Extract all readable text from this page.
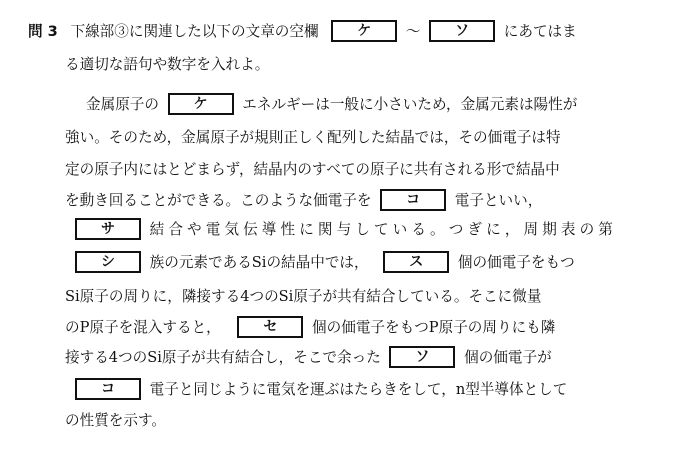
問 3 下線部③に関連した以下の文章の空欄	ケ ～ ソ にあてはま
る適切な語句や数字を入れよ。
金属原子の ケ エネルギーは一般に小さいため，金属元素は陽性が
強い。そのため，金属原子が規則正しく配列した結晶では，その価電子は特
定の原子内にはとどまらず，結晶内のすべての原子に共有される形で結晶中
を動き回ることができる。このような価電子を コ 電子といい，
サ 結合や電気伝導性に関与している。つぎに，周期表の第
シ 族の元素であるSiの結晶中では，	ス 個の価電子をもつ
Si原子の周りに，隣接する4つのSi原子が共有結合している。そこに微量
のP原子を混入すると，	セ 個の価電子をもつP原子の周りにも隣
接する4つのSi原子が共有結合し，そこで余った ソ 個の価電子が
コ 電子と同じように電気を運ぶはたらきをして，n型半導体として
の性質を示す。
